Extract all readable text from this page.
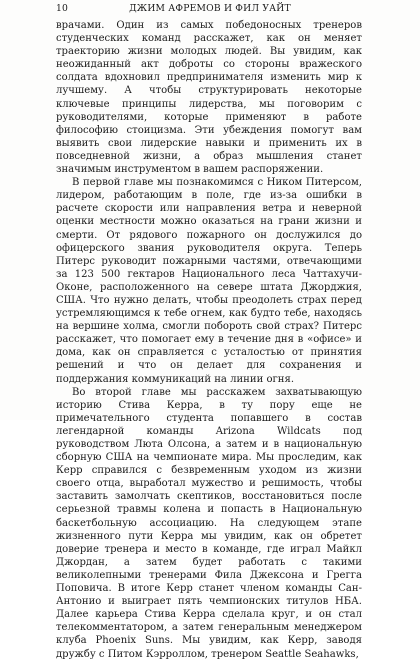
10	ДЖИМ АФРЕМОВ И ФИЛ УАЙТ

врачами. Один из самых победоносных тренеров студенческих команд расскажет, как он меняет траекторию жизни молодых людей. Вы увидим, как неожиданный акт доброты со стороны вражеского солдата вдохновил предпринимателя изменить мир к лучшему. А чтобы структурировать некоторые ключевые принципы лидерства, мы поговорим с руководителями, которые применяют в работе философию стоицизма. Эти убеждения помогут вам выявить свои лидерские навыки и применить их в повседневной жизни, а образ мышления станет значимым инструментом в вашем распоряжении.

В первой главе мы познакомимся с Ником Питерсом, лидером, работающим в поле, где из-за ошибки в расчете скорости или направления ветра и неверной оценки местности можно оказаться на грани жизни и смерти. От рядового пожарного он дослужился до офицерского звания руководителя округа. Теперь Питерс руководит пожарными частями, отвечающими за 123 500 гектаров Национального леса Чаттахучи-Оконе, расположенного на севере штата Джорджия, США. Что нужно делать, чтобы преодолеть страх перед устремляющимся к тебе огнем, как будто тебе, находясь на вершине холма, смогли побороть свой страх? Питерс расскажет, что помогает ему в течение дня в «офисе» и дома, как он справляется с усталостью от принятия решений и что он делает для сохранения и поддержания коммуникаций на линии огня.

Во второй главе мы расскажем захватывающую историю Стива Керра, в ту пору еще не примечательного студента попавшего в состав легендарной команды Arizona Wildcats под руководством Люта Олсона, а затем и в национальную сборную США на чемпионате мира. Мы проследим, как Керр справился с безвременным уходом из жизни своего отца, выработал мужество и решимость, чтобы заставить замолчать скептиков, восстановиться после серьезной травмы колена и попасть в Национальную баскетбольную ассоциацию. На следующем этапе жизненного пути Керра мы увидим, как он обретет доверие тренера и место в команде, где играл Майкл Джордан, а затем будет работать с такими великолепными тренерами Фила Джексона и Грегга Поповича. В итоге Керр станет членом команды Сан-Антонио и выиграет пять чемпионских титулов НБА. Далее карьера Стива Керра сделала круг, и он стал телекомментатором, а затем генеральным менеджером клуба Phoenix Suns. Мы увидим, как Керр, заводя дружбу с Питом Кэрроллом, тренером Seattle Seahawks,
